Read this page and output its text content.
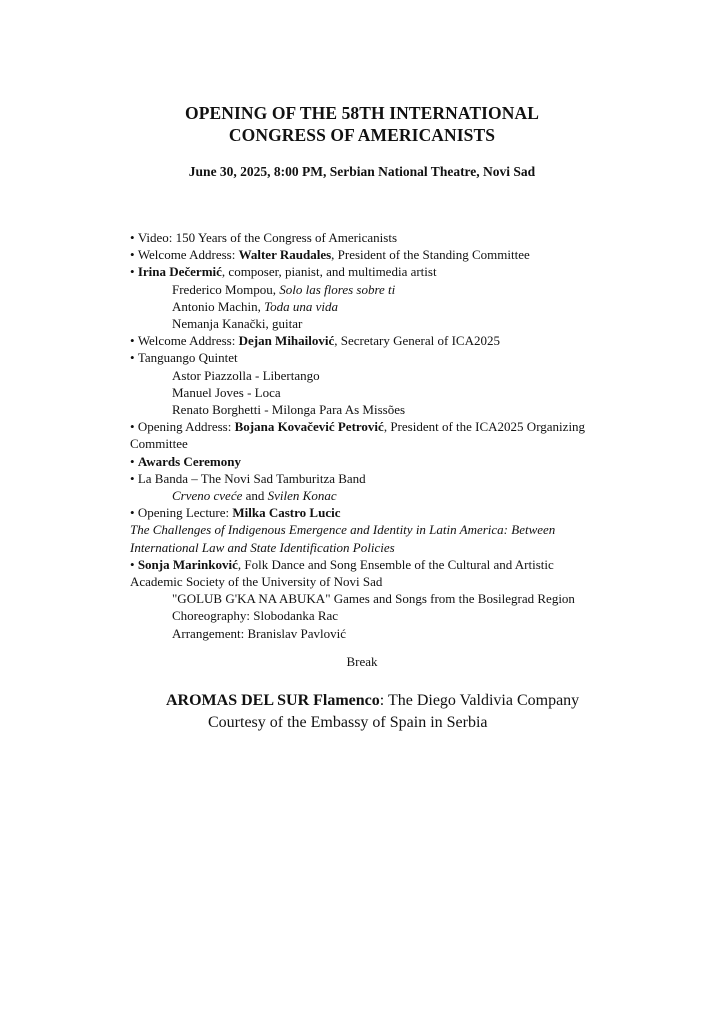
OPENING OF THE 58TH INTERNATIONAL
CONGRESS OF AMERICANISTS
June 30, 2025, 8:00 PM, Serbian National Theatre, Novi Sad
• Video: 150 Years of the Congress of Americanists
• Welcome Address: Walter Raudales, President of the Standing Committee
• Irina Dečermić, composer, pianist, and multimedia artist
Frederico Mompou, Solo las flores sobre ti
Antonio Machin, Toda una vida
Nemanja Kanački, guitar
• Welcome Address: Dejan Mihailović, Secretary General of ICA2025
• Tanguango Quintet
Astor Piazzolla - Libertango
Manuel Joves - Loca
Renato Borghetti - Milonga Para As Missões
• Opening Address: Bojana Kovačević Petrović, President of the ICA2025 Organizing
Committee
• Awards Ceremony
• La Banda – The Novi Sad Tamburitza Band
Crveno cveće and Svilen Konac
• Opening Lecture: Milka Castro Lucic
The Challenges of Indigenous Emergence and Identity in Latin America: Between
International Law and State Identification Policies
• Sonja Marinković, Folk Dance and Song Ensemble of the Cultural and Artistic
Academic Society of the University of Novi Sad
"GOLUB G'KA NA ABUKA" Games and Songs from the Bosilegrad Region
Choreography: Slobodanka Rac
Arrangement: Branislav Pavlović
Break
AROMAS DEL SUR Flamenco: The Diego Valdivia Company
Courtesy of the Embassy of Spain in Serbia
